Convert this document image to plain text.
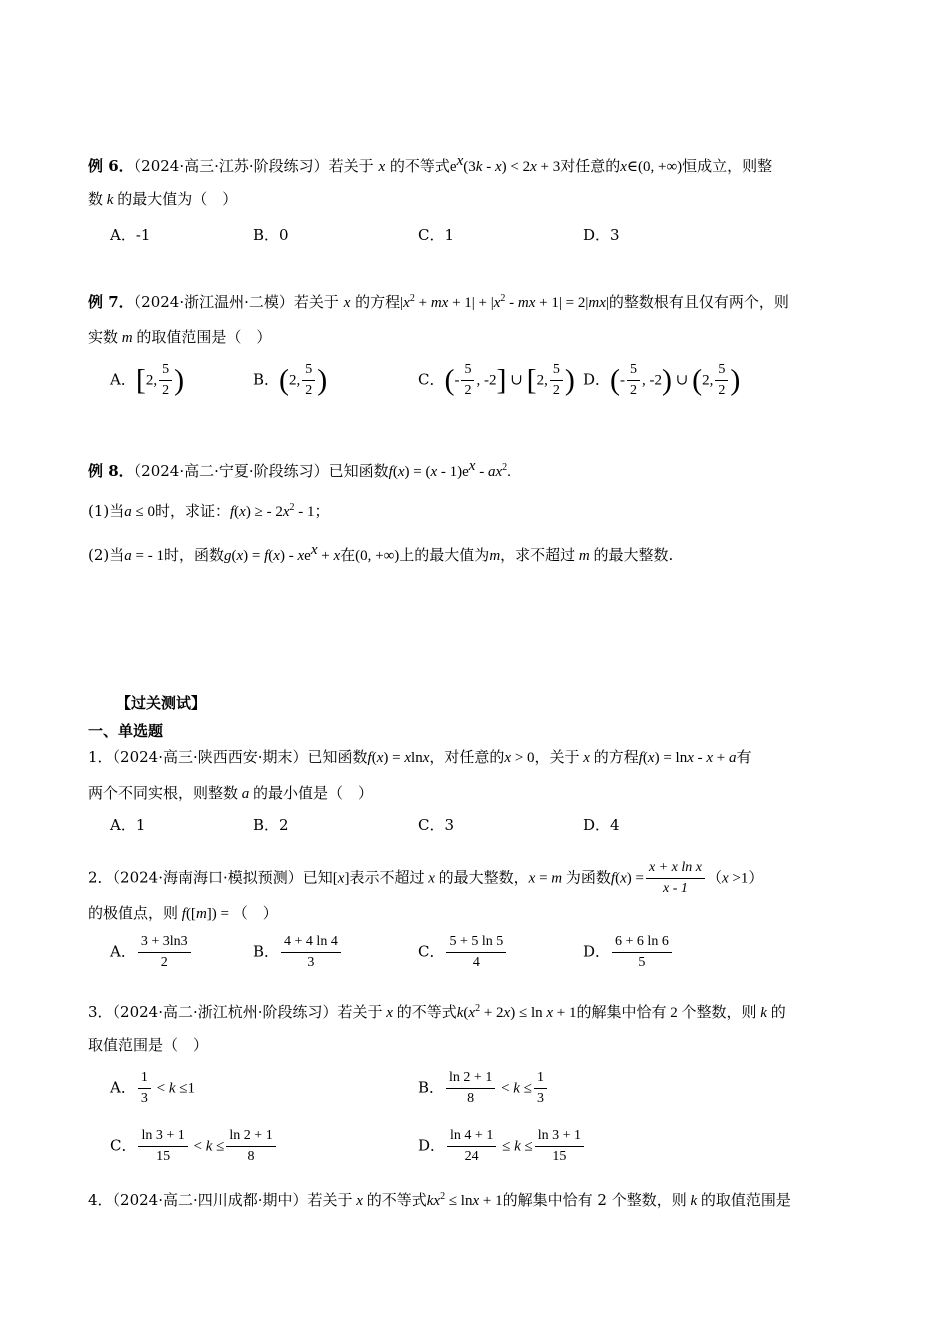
例 6．（2024·高三·江苏·阶段练习）若关于 x 的不等式$e^x(3k - x) < 2x + 3$对任意的x∈(0, +∞)恒成立，则整
数 k 的最大值为（　）
A．-1	B．0	C．1	D．3
例 7．（2024·浙江温州·二模）若关于 x 的方程$|x^2$ + mx + $1| + |x^2$ - mx + 1| = 2|mx|的整数根有且仅有两个，则
实数 m 的取值范围是（　）
A．[2, $\frac{5}{2}$ )	B．(2, $\frac{5}{2}$ )	C．(- $\frac{5}{2}$ , -2] ∪ [2, $\frac{5}{2}$ ) D．(- $\frac{5}{2}$ , -2) ∪ (2, $\frac{5}{2}$ )
例 8．（2024·高二·宁夏·阶段练习）已知函数$f(x) = (x - 1)e^x - ax^2$.
(1)当a ≤ 0时，求证：f(x) ≥ - $2x^2 - 1$；
(2)当a = - 1时，函数$g(x) = f(x) - xe^x + x$在(0, +∞)上的最大值为m，求不超过 m 的最大整数.
【过关测试】
一、单选题
1．（2024·高三·陕西西安·期末）已知函数f(x) = xlnx，对任意的x > 0，关于 x 的方程f(x) = lnx - x + a有
两个不同实根，则整数 a 的最小值是（　）
A．1	B．2	C．3	D．4
2．（2024·海南海口·模拟预测）已知[x]表示不超过 x 的最大整数，x = m 为函数$f(x) = \frac{\text{x + x ln x}}{x - 1} (x >1)$
的极值点，则 f([m]) = （　）
A． $\frac{3 + 3\ln 3}{2}$	B． $\frac{4 + 4 \ln 4}{3}$	C． $\frac{5 + 5 \ln 5}{4}$	D． $\frac{6 + 6 \ln 6}{5}$
3．（2024·高二·浙江杭州·阶段练习）若关于 x 的不等式$k(x^2 + 2x) \le \ln x + 1$的解集中恰有 2 个整数，则 k 的
取值范围是（　）
A． $\frac{1}{3} < k \le 1$	B． $\frac{\ln 2 + 1}{8} < k \le \frac{1}{3}$
C． $\frac{\ln 3 + 1}{15} < k \le \frac{\ln 2 + 1}{8}$	D． $\frac{\ln 4 + 1}{24} \le k \le \frac{\ln 3 + 1}{15}$
4．（2024·高二·四川成都·期中）若关于 x 的不等式$kx^2 \le \ln x + 1$的解集中恰有 2 个整数，则 k 的取值范围是
